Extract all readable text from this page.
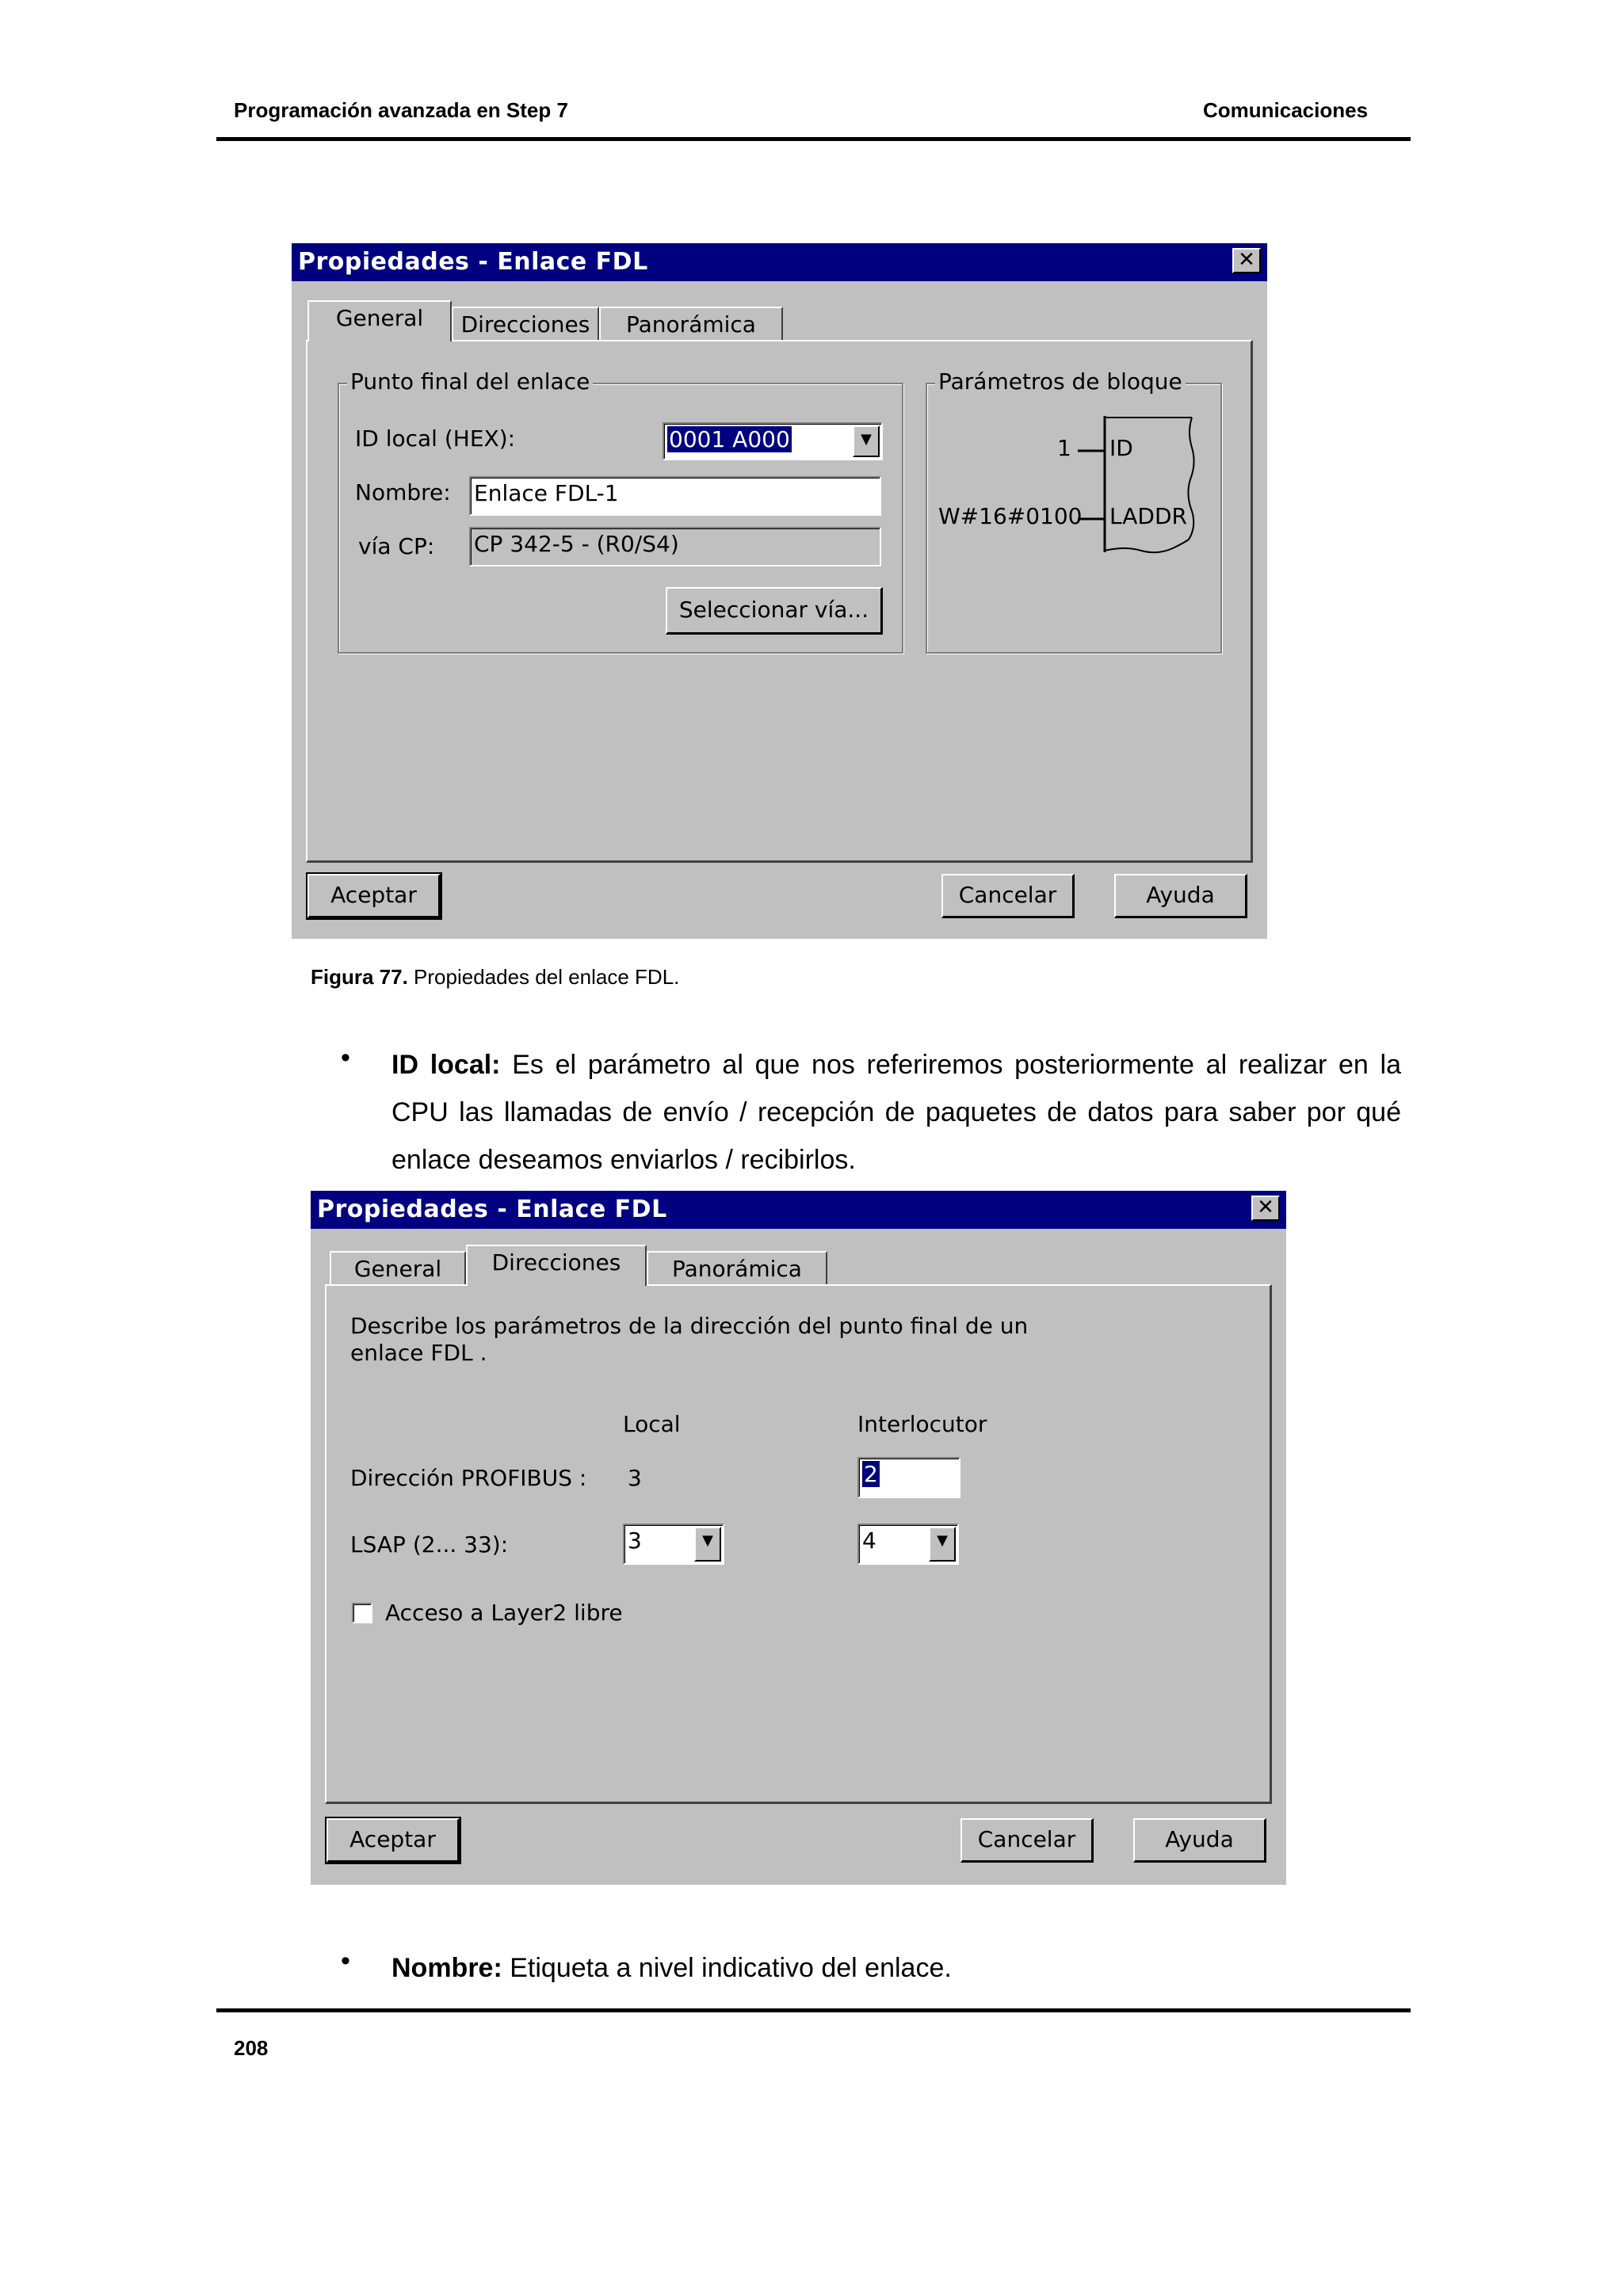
Programación avanzada en Step 7	Comunicaciones
Propiedades - Enlace FDL	✕
General	Direcciones	Panorámica
Punto final del enlace
ID local (HEX):	0001 A000	▼
Nombre: Enlace FDL-1
vía CP: CP 342-5 - (R0/S4)
Seleccionar vía...
Parámetros de bloque
1 ID
W#16#0100 LADDR
Aceptar	Cancelar	Ayuda
Figura 77. Propiedades del enlace FDL.
• ID local: Es el parámetro al que nos referiremos posteriormente al realizar en la CPU las llamadas de envío / recepción de paquetes de datos para saber por qué enlace deseamos enviarlos / recibirlos.
Propiedades - Enlace FDL	✕
General	Direcciones	Panorámica
Describe los parámetros de la dirección del punto final de un
enlace FDL .
Local	Interlocutor
Dirección PROFIBUS : 3	2
LSAP (2... 33):	3	▼	4	▼
Acceso a Layer2 libre
Aceptar	Cancelar	Ayuda
• Nombre: Etiqueta a nivel indicativo del enlace.
208
